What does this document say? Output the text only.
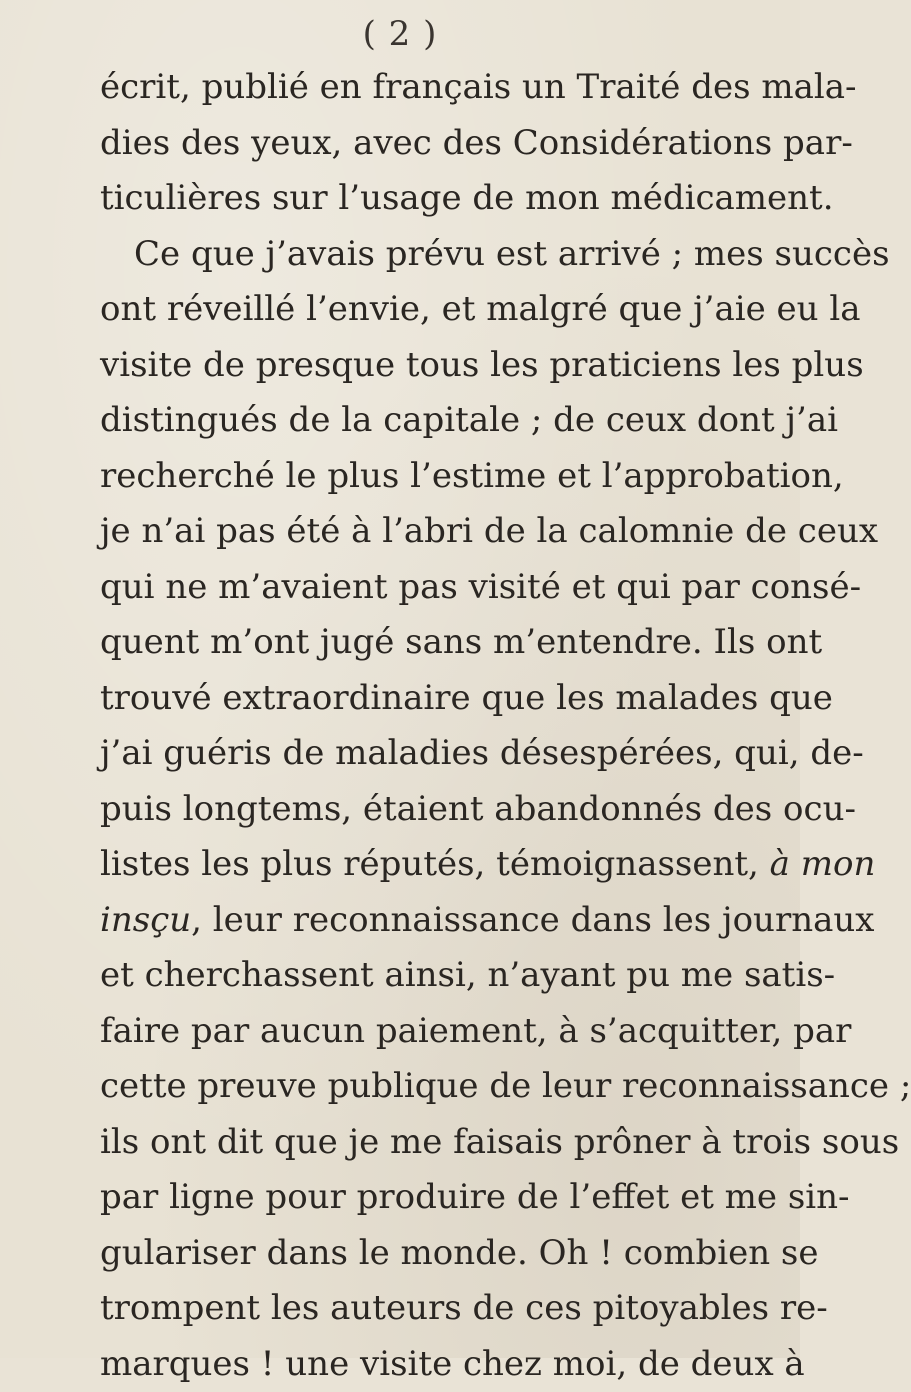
( 2 )
écrit, publié en français un Traité des mala-
dies des yeux, avec des Considérations par-
ticulières sur l’usage de mon médicament.
Ce que j’avais prévu est arrivé ; mes succès
ont réveillé l’envie, et malgré que j’aie eu la
visite de presque tous les praticiens les plus
distingués de la capitale ; de ceux dont j’ai
recherché le plus l’estime et l’approbation,
je n’ai pas été à l’abri de la calomnie de ceux
qui ne m’avaient pas visité et qui par consé-
quent m’ont jugé sans m’entendre. Ils ont
trouvé extraordinaire que les malades que
j’ai guéris de maladies désespérées, qui, de-
puis longtems, étaient abandonnés des ocu-
listes les plus réputés, témoignassent, à mon
insçu, leur reconnaissance dans les journaux
et cherchassent ainsi, n’ayant pu me satis-
faire par aucun paiement, à s’acquitter, par
cette preuve publique de leur reconnaissance ;
ils ont dit que je me faisais prôner à trois sous
par ligne pour produire de l’effet et me sin-
gulariser dans le monde. Oh ! combien se
trompent les auteurs de ces pitoyables re-
marques ! une visite chez moi, de deux à
